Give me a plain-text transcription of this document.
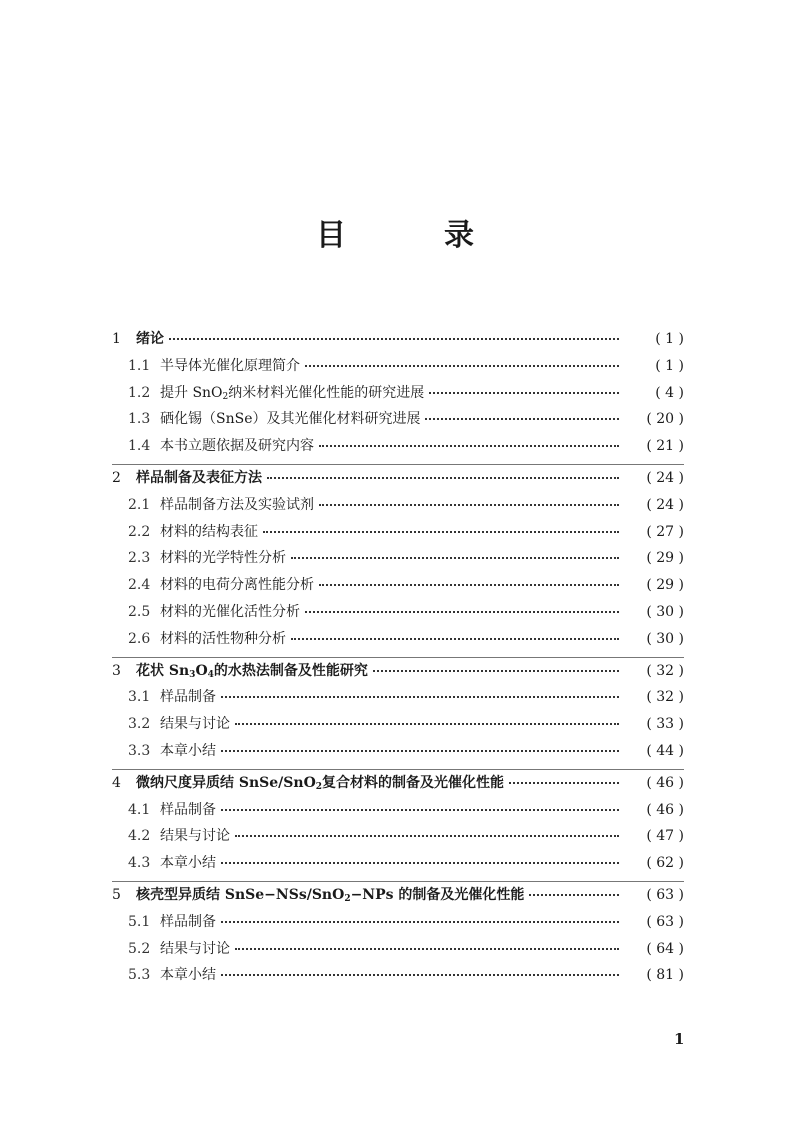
目　录
1	绪论	( 1 )
1.1 半导体光催化原理简介	( 1 )
1.2 提升 SnO$_2$纳米材料光催化性能的研究进展	( 4 )
1.3 硒化锡（SnSe）及其光催化材料研究进展	( 20 )
1.4 本书立题依据及研究内容	( 21 )
2	样品制备及表征方法	( 24 )
2.1 样品制备方法及实验试剂	( 24 )
2.2 材料的结构表征	( 27 )
2.3 材料的光学特性分析	( 29 )
2.4 材料的电荷分离性能分析	( 29 )
2.5 材料的光催化活性分析	( 30 )
2.6 材料的活性物种分析	( 30 )
3	花状 $Sn_3O_4$的水热法制备及性能研究	( 32 )
3.1 样品制备	( 32 )
3.2 结果与讨论	( 33 )
3.3 本章小结	( 44 )
4	微纳尺度异质结 SnSe/SnO$_2$复合材料的制备及光催化性能	( 46 )
4.1 样品制备	( 46 )
4.2 结果与讨论	( 47 )
4.3 本章小结	( 62 )
5	核壳型异质结 SnSe−NSs/SnO$_2$−NPs 的制备及光催化性能	( 63 )
5.1 样品制备	( 63 )
5.2 结果与讨论	( 64 )
5.3 本章小结	( 81 )

1
